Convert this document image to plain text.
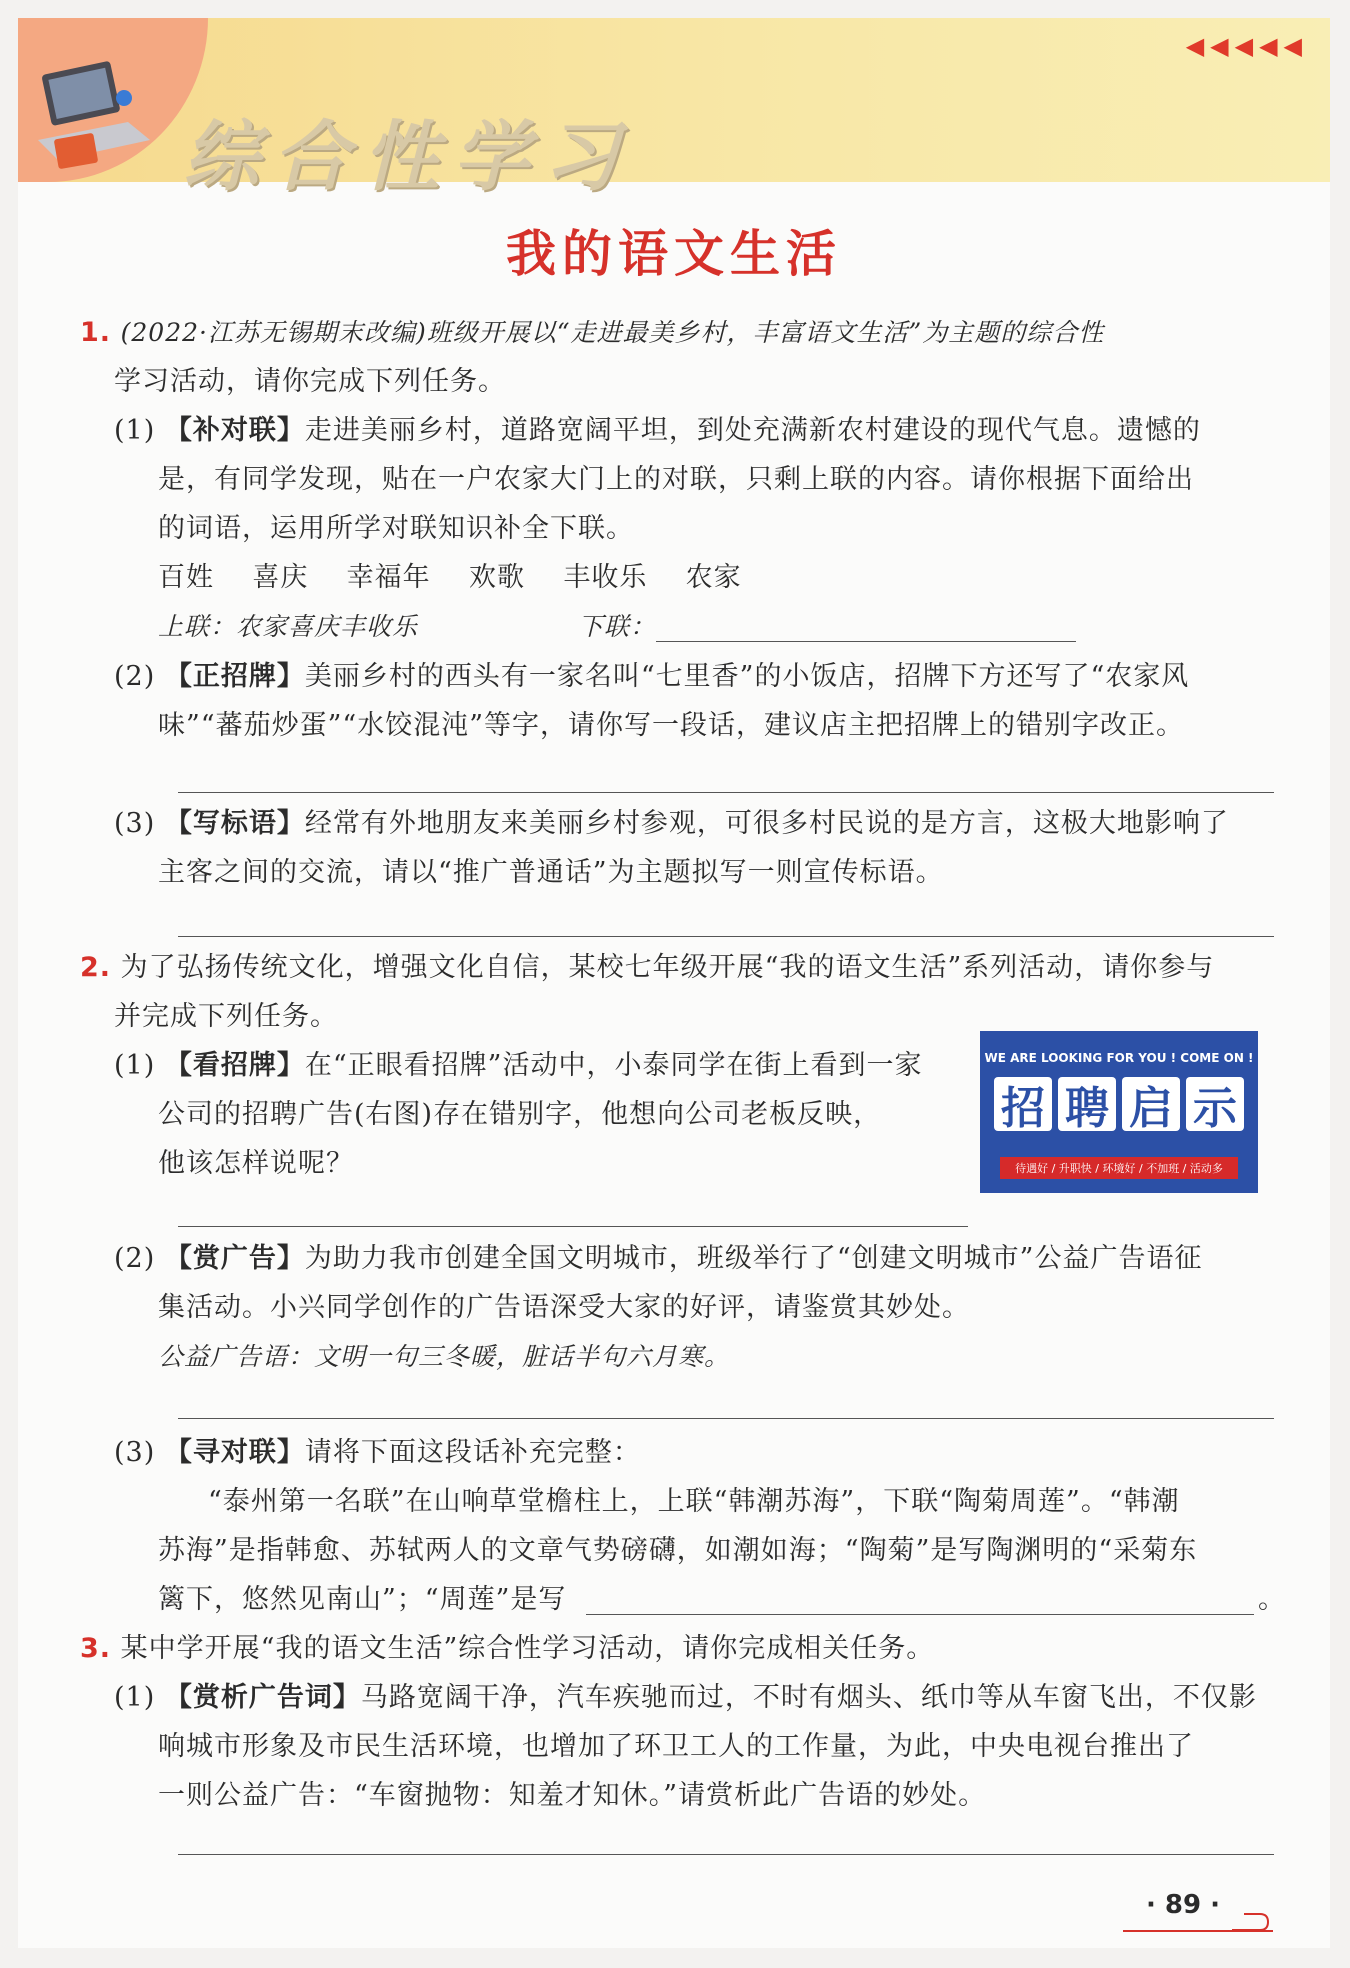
◀◀◀◀◀
综合性学习
我的语文生活
1. (2022·江苏无锡期末改编)班级开展以“走进最美乡村，丰富语文生活”为主题的综合性
学习活动，请你完成下列任务。
(1) 【补对联】走进美丽乡村，道路宽阔平坦，到处充满新农村建设的现代气息。遗憾的
是，有同学发现，贴在一户农家大门上的对联，只剩上联的内容。请你根据下面给出
的词语，运用所学对联知识补全下联。
百姓    喜庆    幸福年    欢歌    丰收乐    农家
上联：农家喜庆丰收乐	下联：
(2) 【正招牌】美丽乡村的西头有一家名叫“七里香”的小饭店，招牌下方还写了“农家风
味”“蕃茄炒蛋”“水饺混沌”等字，请你写一段话，建议店主把招牌上的错别字改正。
(3) 【写标语】经常有外地朋友来美丽乡村参观，可很多村民说的是方言，这极大地影响了
主客之间的交流，请以“推广普通话”为主题拟写一则宣传标语。
2. 为了弘扬传统文化，增强文化自信，某校七年级开展“我的语文生活”系列活动，请你参与
并完成下列任务。
(1) 【看招牌】在“正眼看招牌”活动中，小泰同学在街上看到一家
公司的招聘广告(右图)存在错别字，他想向公司老板反映，
他该怎样说呢？
WE ARE LOOKING FOR YOU ! COME ON !
招 聘 启 示
待遇好 / 升职快 / 环境好 / 不加班 / 活动多
(2) 【赏广告】为助力我市创建全国文明城市，班级举行了“创建文明城市”公益广告语征
集活动。小兴同学创作的广告语深受大家的好评，请鉴赏其妙处。
公益广告语：文明一句三冬暖，脏话半句六月寒。
(3) 【寻对联】请将下面这段话补充完整：
“泰州第一名联”在山响草堂檐柱上，上联“韩潮苏海”，下联“陶菊周莲”。“韩潮
苏海”是指韩愈、苏轼两人的文章气势磅礴，如潮如海；“陶菊”是写陶渊明的“采菊东
篱下，悠然见南山”；“周莲”是写	。
3. 某中学开展“我的语文生活”综合性学习活动，请你完成相关任务。
(1) 【赏析广告词】马路宽阔干净，汽车疾驰而过，不时有烟头、纸巾等从车窗飞出，不仅影
响城市形象及市民生活环境，也增加了环卫工人的工作量，为此，中央电视台推出了
一则公益广告：“车窗抛物：知羞才知休。”请赏析此广告语的妙处。
· 89 ·
